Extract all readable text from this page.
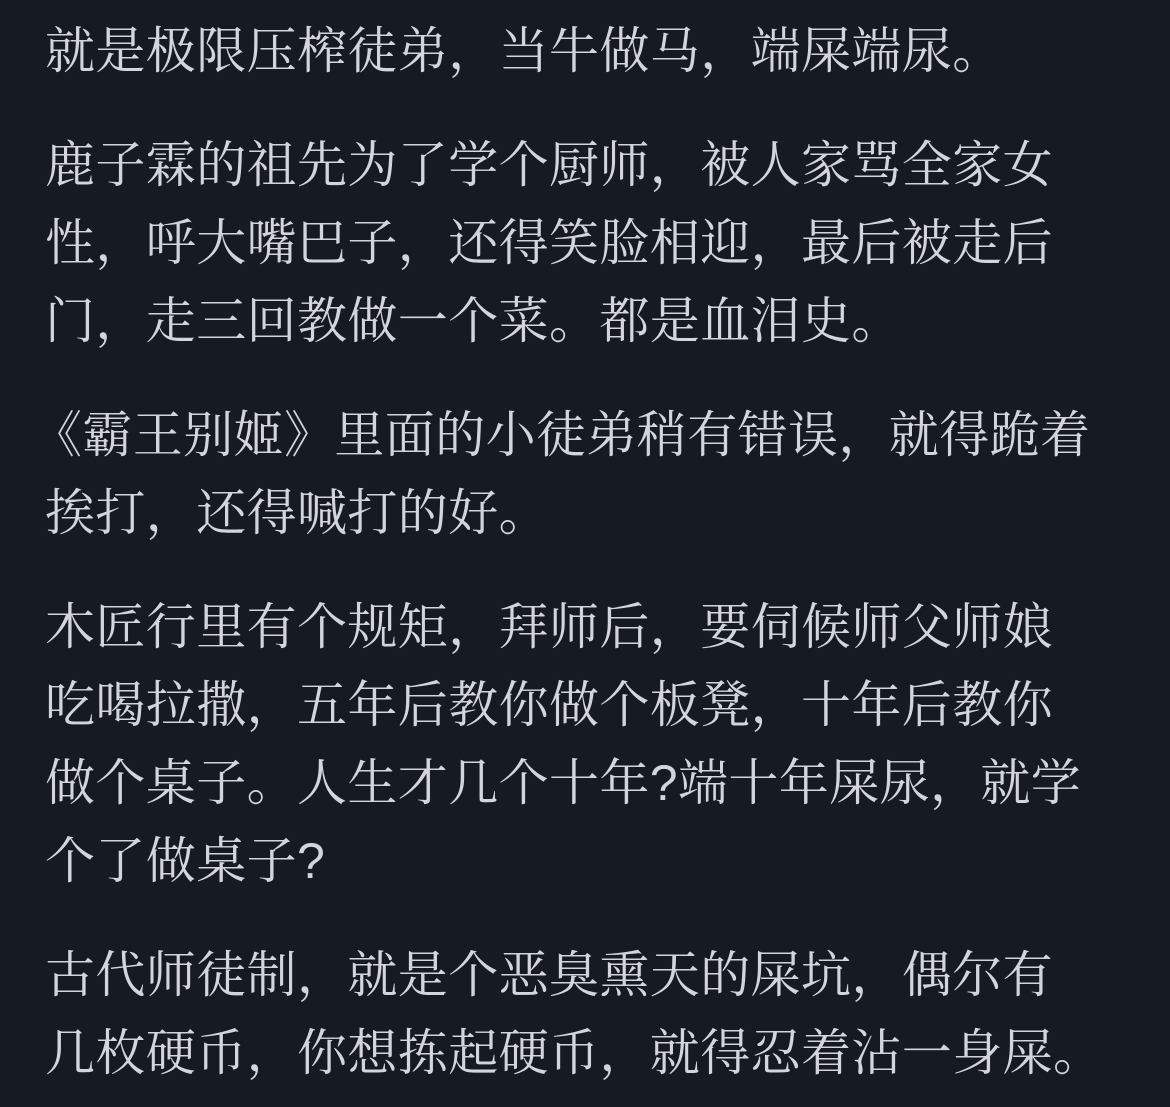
就是极限压榨徒弟，当牛做马，端屎端尿。
鹿子霖的祖先为了学个厨师，被人家骂全家女
性，呼大嘴巴子，还得笑脸相迎，最后被走后
门，走三回教做一个菜。都是血泪史。
《霸王别姬》里面的小徒弟稍有错误，就得跪着
挨打，还得喊打的好。
木匠行里有个规矩，拜师后，要伺候师父师娘
吃喝拉撒，五年后教你做个板凳，十年后教你
做个桌子。人生才几个十年?端十年屎尿，就学
个了做桌子?
古代师徒制，就是个恶臭熏天的屎坑，偶尔有
几枚硬币，你想拣起硬币，就得忍着沾一身屎。
